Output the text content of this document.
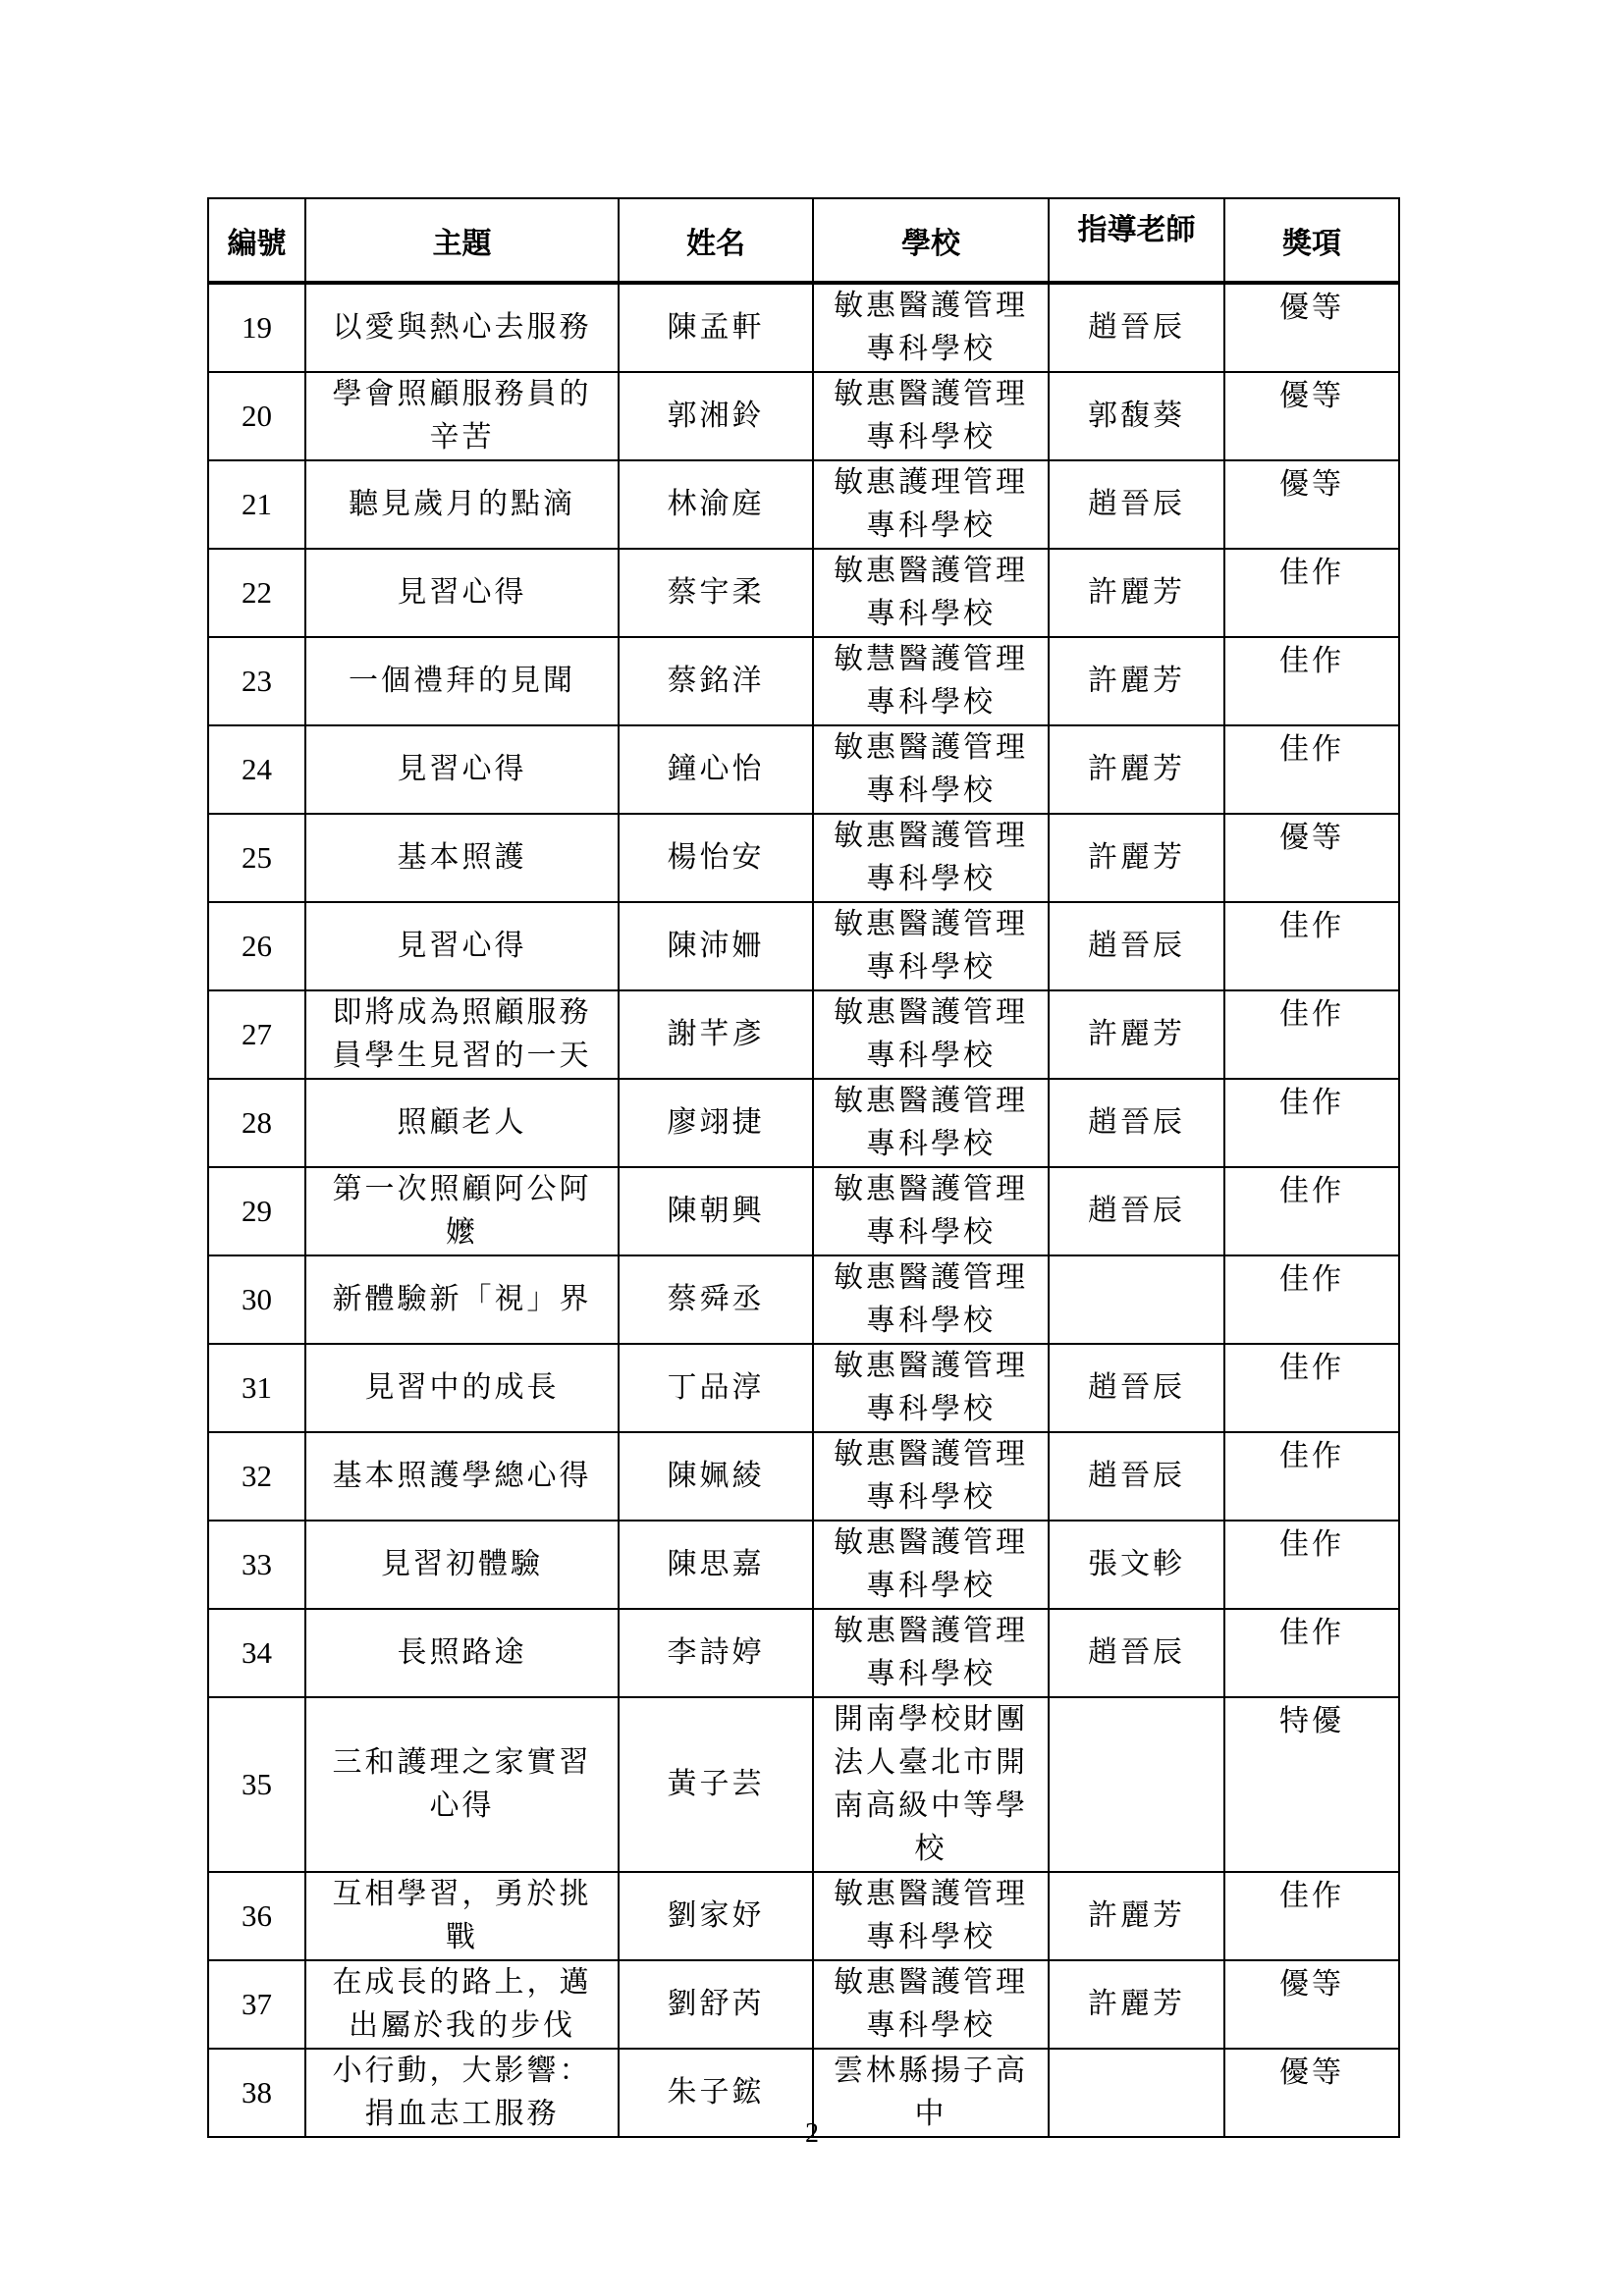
編號	主題	姓名	學校	指導老師	獎項
19	以愛與熱心去服務	陳孟軒	敏惠醫護管理專科學校	趙晉辰	優等
20	學會照顧服務員的辛苦	郭湘鈴	敏惠醫護管理專科學校	郭馥葵	優等
21	聽見歲月的點滴	林渝庭	敏惠護理管理專科學校	趙晉辰	優等
22	見習心得	蔡宇柔	敏惠醫護管理專科學校	許麗芳	佳作
23	一個禮拜的見聞	蔡銘洋	敏慧醫護管理專科學校	許麗芳	佳作
24	見習心得	鐘心怡	敏惠醫護管理專科學校	許麗芳	佳作
25	基本照護	楊怡安	敏惠醫護管理專科學校	許麗芳	優等
26	見習心得	陳沛姍	敏惠醫護管理專科學校	趙晉辰	佳作
27	即將成為照顧服務員學生見習的一天	謝芊彥	敏惠醫護管理專科學校	許麗芳	佳作
28	照顧老人	廖翊捷	敏惠醫護管理專科學校	趙晉辰	佳作
29	第一次照顧阿公阿嬤	陳朝興	敏惠醫護管理專科學校	趙晉辰	佳作
30	新體驗新「視」界	蔡舜丞	敏惠醫護管理專科學校		佳作
31	見習中的成長	丁品淳	敏惠醫護管理專科學校	趙晉辰	佳作
32	基本照護學總心得	陳姵綾	敏惠醫護管理專科學校	趙晉辰	佳作
33	見習初體驗	陳思嘉	敏惠醫護管理專科學校	張文軫	佳作
34	長照路途	李詩婷	敏惠醫護管理專科學校	趙晉辰	佳作
35	三和護理之家實習心得	黃子芸	開南學校財團法人臺北市開南高級中等學校		特優
36	互相學習，勇於挑戰	劉家妤	敏惠醫護管理專科學校	許麗芳	佳作
37	在成長的路上，邁出屬於我的步伐	劉舒芮	敏惠醫護管理專科學校	許麗芳	優等
38	小行動，大影響：捐血志工服務	朱子鋐	雲林縣揚子高中		優等
2
